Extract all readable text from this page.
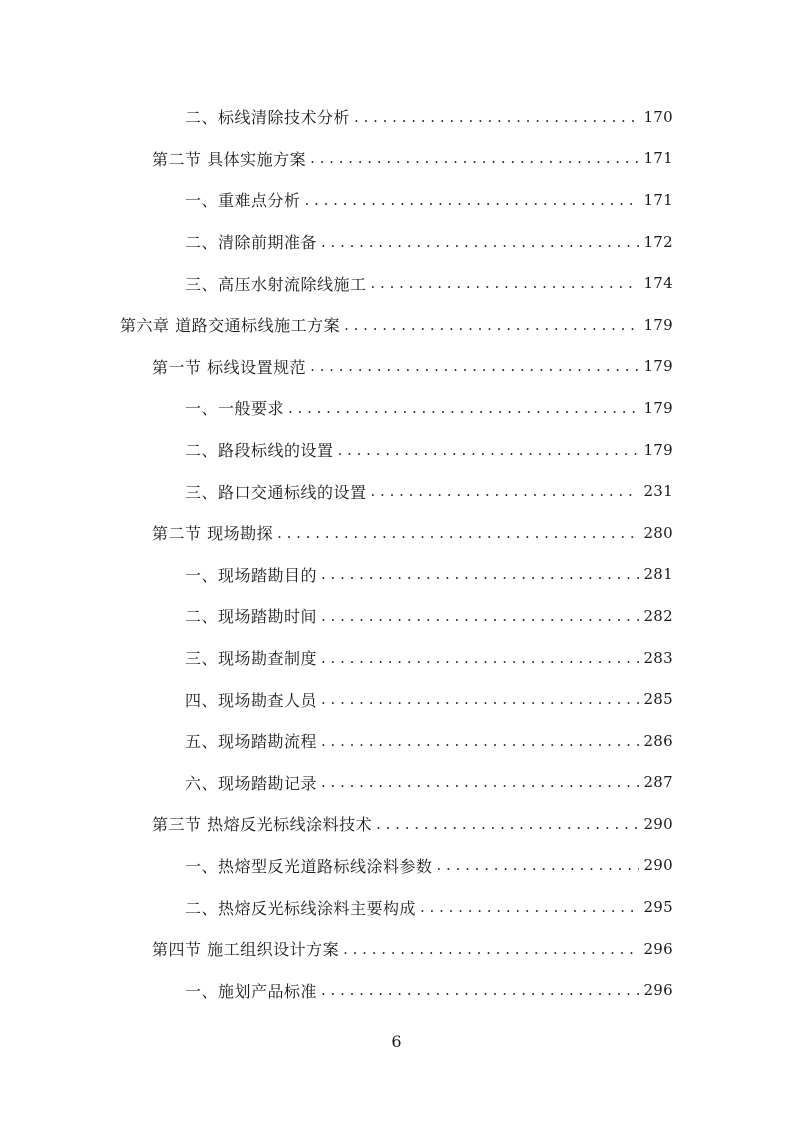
二、标线清除技术分析 . . .	170
第二节 具体实施方案 . . .	171
一、重难点分析 . . .	171
二、清除前期准备 . . .	172
三、高压水射流除线施工 . . .	174
第六章 道路交通标线施工方案 . . .	179
第一节 标线设置规范 . . .	179
一、一般要求 . . .	179
二、路段标线的设置 . . .	179
三、路口交通标线的设置 . . .	231
第二节 现场勘探 . . .	280
一、现场踏勘目的 . . .	281
二、现场踏勘时间 . . .	282
三、现场勘查制度 . . .	283
四、现场勘查人员 . . .	285
五、现场踏勘流程 . . .	286
六、现场踏勘记录 . . .	287
第三节 热熔反光标线涂料技术 . . .	290
一、热熔型反光道路标线涂料参数 . . .	290
二、热熔反光标线涂料主要构成 . . .	295
第四节 施工组织设计方案 . . .	296
一、施划产品标准 . . .	296
6
